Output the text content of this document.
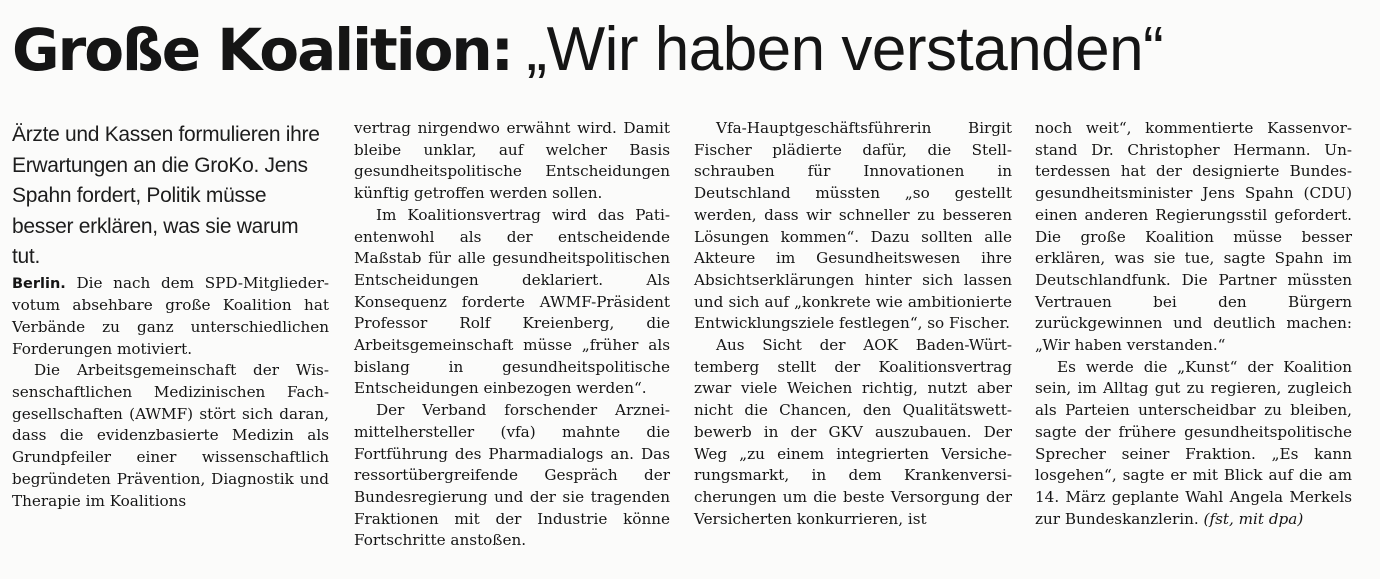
Große Koalition: „Wir haben verstanden“

Ärzte und Kassen formulieren ihre Erwartungen an die GroKo. Jens Spahn fordert, Politik müsse besser erklären, was sie warum tut.

Berlin. Die nach dem SPD-Mitgliedervotum absehbare große Koalition hat Verbände zu ganz unterschiedlichen Forderungen motiviert.

Die Arbeitsgemeinschaft der Wissenschaftlichen Medizinischen Fachgesellschaften (AWMF) stört sich daran, dass die evidenzbasierte Medizin als Grundpfeiler einer wissenschaftlich begründeten Prävention, Diagnostik und Therapie im Koalitions

vertrag nirgendwo erwähnt wird. Damit bleibe unklar, auf welcher Basis gesundheitspolitische Entscheidungen künftig getroffen werden sollen.

Im Koalitionsvertrag wird das Patientenwohl als der entscheidende Maßstab für alle gesundheitspolitischen Entscheidungen deklariert. Als Konsequenz forderte AWMF-Präsident Professor Rolf Kreienberg, die Arbeitsgemeinschaft müsse „früher als bislang in gesundheitspolitische Entscheidungen einbezogen werden“.

Der Verband forschender Arzneimittelhersteller (vfa) mahnte die Fortführung des Pharmadialogs an. Das ressortübergreifende Gespräch der Bundesregierung und der sie tragenden Fraktionen mit der Industrie könne Fortschritte anstoßen.

Vfa-Hauptgeschäftsführerin Birgit Fischer plädierte dafür, die Stellschrauben für Innovationen in Deutschland müssten „so gestellt werden, dass wir schneller zu besseren Lösungen kommen“. Dazu sollten alle Akteure im Gesundheitswesen ihre Absichtserklärungen hinter sich lassen und sich auf „konkrete wie ambitionierte Entwicklungsziele festlegen“, so Fischer.

Aus Sicht der AOK Baden-Württemberg stellt der Koalitionsvertrag zwar viele Weichen richtig, nutzt aber nicht die Chancen, den Qualitätswettbewerb in der GKV auszubauen. Der Weg „zu einem integrierten Versicherungsmarkt, in dem Krankenversicherungen um die beste Versorgung der Versicherten konkurrieren, ist

noch weit“, kommentierte Kassenvorstand Dr. Christopher Hermann. Unterdessen hat der designierte Bundesgesundheitsminister Jens Spahn (CDU) einen anderen Regierungsstil gefordert. Die große Koalition müsse besser erklären, was sie tue, sagte Spahn im Deutschlandfunk. Die Partner müssten Vertrauen bei den Bürgern zurückgewinnen und deutlich machen: „Wir haben verstanden.“

Es werde die „Kunst“ der Koalition sein, im Alltag gut zu regieren, zugleich als Parteien unterscheidbar zu bleiben, sagte der frühere gesundheitspolitische Sprecher seiner Fraktion. „Es kann losgehen“, sagte er mit Blick auf die am 14. März geplante Wahl Angela Merkels zur Bundeskanzlerin. (fst, mit dpa)
